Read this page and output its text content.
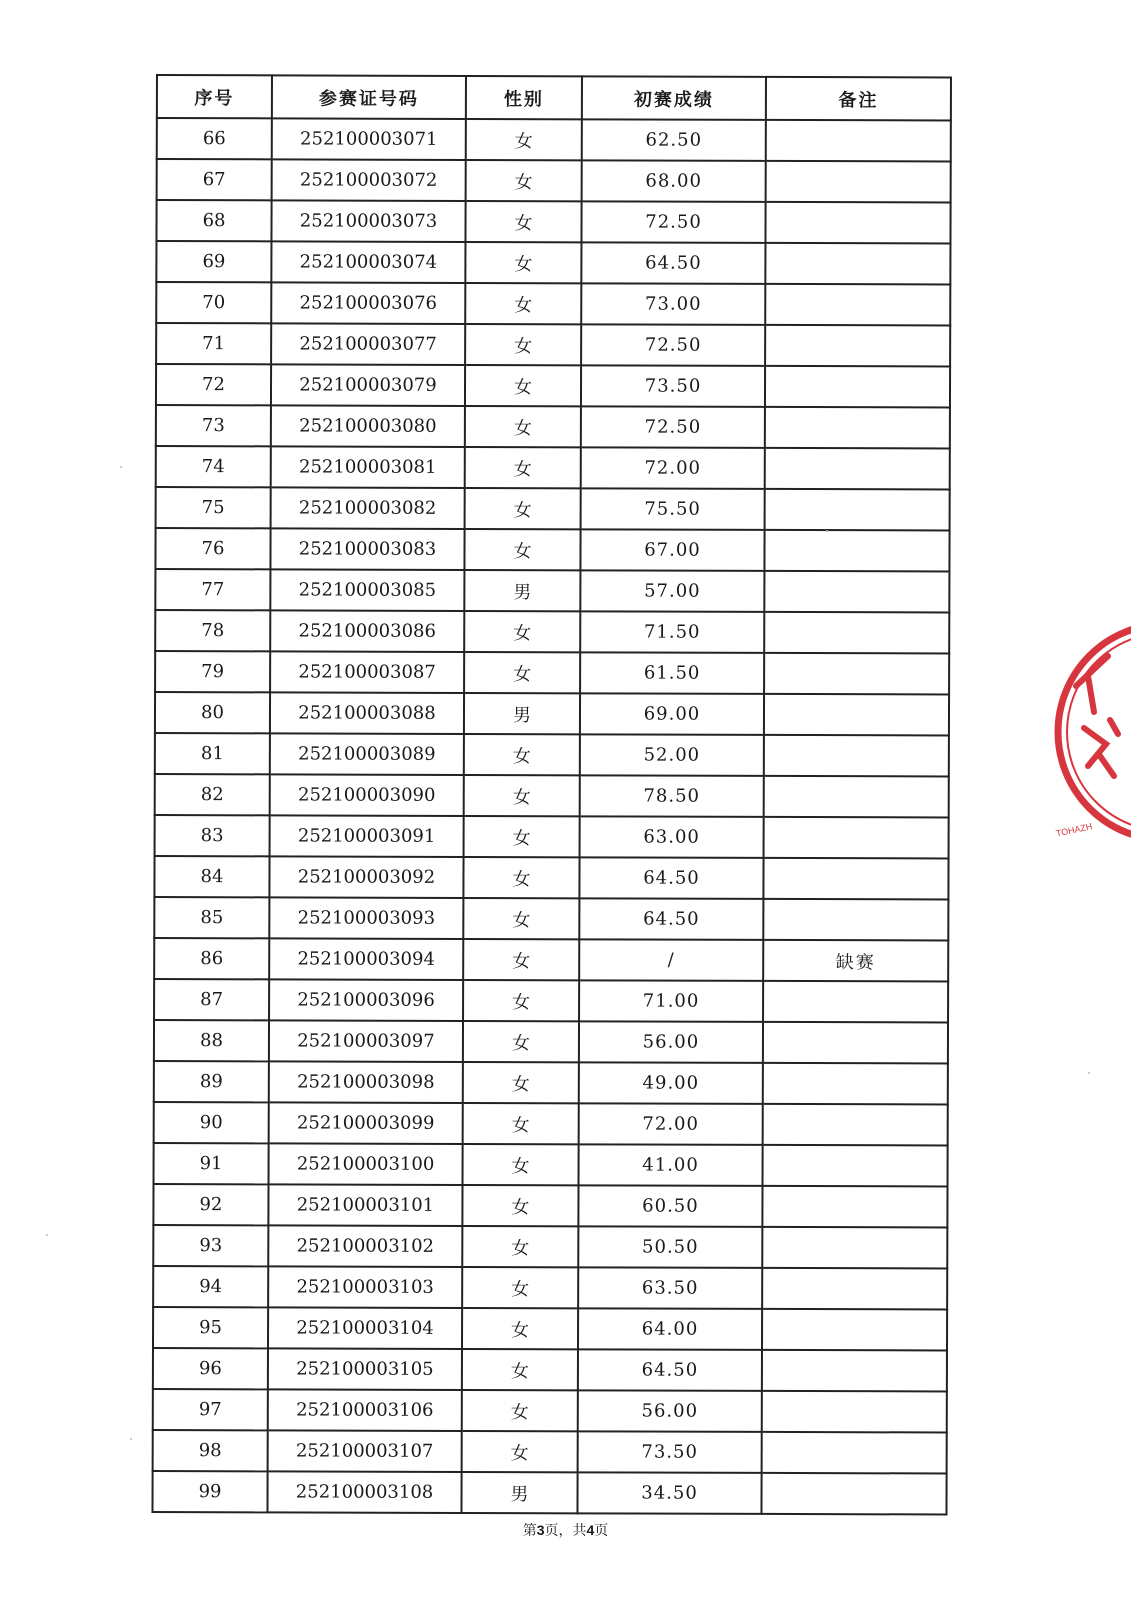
序号	参赛证号码	性别	初赛成绩	备注
66	252100003071	女	62.50	
67	252100003072	女	68.00	
68	252100003073	女	72.50	
69	252100003074	女	64.50	
70	252100003076	女	73.00	
71	252100003077	女	72.50	
72	252100003079	女	73.50	
73	252100003080	女	72.50	
74	252100003081	女	72.00	
75	252100003082	女	75.50	
76	252100003083	女	67.00	
77	252100003085	男	57.00	
78	252100003086	女	71.50	
79	252100003087	女	61.50	
80	252100003088	男	69.00	
81	252100003089	女	52.00	
82	252100003090	女	78.50	
83	252100003091	女	63.00	
84	252100003092	女	64.50	
85	252100003093	女	64.50	
86	252100003094	女	/	缺赛
87	252100003096	女	71.00	
88	252100003097	女	56.00	
89	252100003098	女	49.00	
90	252100003099	女	72.00	
91	252100003100	女	41.00	
92	252100003101	女	60.50	
93	252100003102	女	50.50	
94	252100003103	女	63.50	
95	252100003104	女	64.00	
96	252100003105	女	64.50	
97	252100003106	女	56.00	
98	252100003107	女	73.50	
99	252100003108	男	34.50	
第3页，共4页
TOHAZH
